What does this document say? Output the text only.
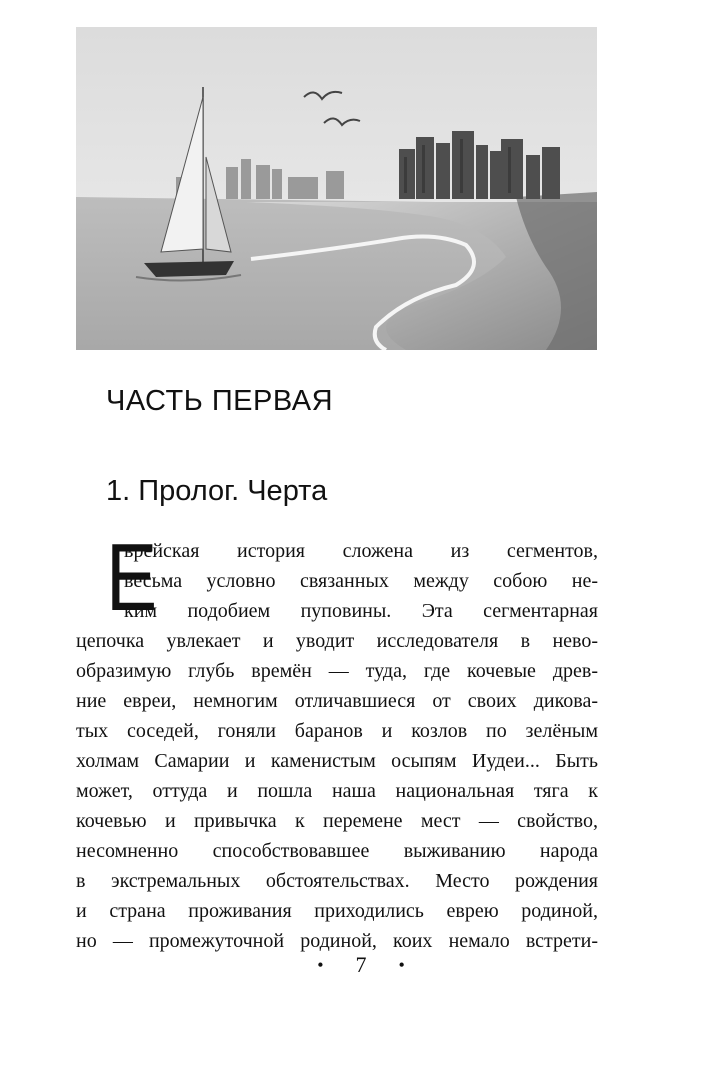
ЧАСТЬ ПЕРВАЯ
1. Пролог. Черта
Е
врейская история сложена из сегментов,
весьма условно связанных между собою не-
ким подобием пуповины. Эта сегментарная
цепочка увлекает и уводит исследователя в нево-
образимую глубь времён — туда, где кочевые древ-
ние евреи, немногим отличавшиеся от своих дикова-
тых соседей, гоняли баранов и козлов по зелёным
холмам Самарии и каменистым осыпям Иудеи... Быть
может, оттуда и пошла наша национальная тяга к
кочевью и привычка к перемене мест — свойство,
несомненно способствовавшее выживанию народа
в экстремальных обстоятельствах. Место рождения
и страна проживания приходились еврею родиной,
но — промежуточной родиной, коих немало встрети-
• 7 •
